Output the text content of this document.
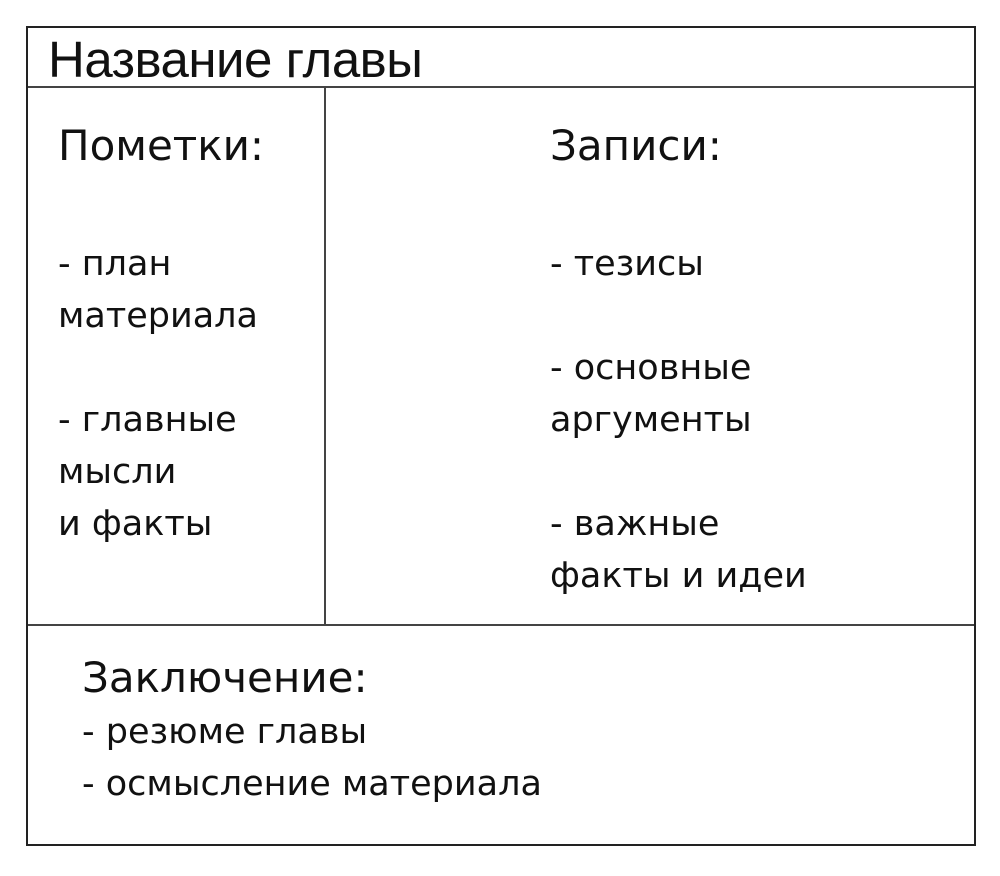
Название главы
Пометки:
- план
материала
- главные
мысли
и факты
Записи:
- тезисы
- основные
аргументы
- важные
факты и идеи
Заключение:
- резюме главы
- осмысление материала
